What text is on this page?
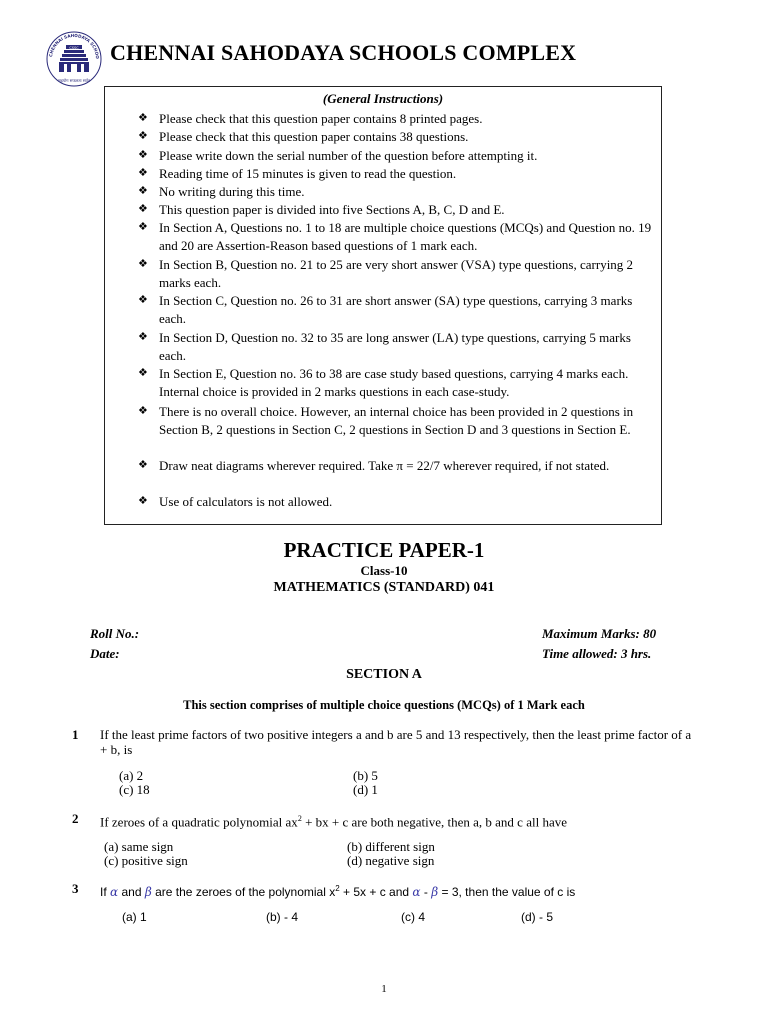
CHENNAI SAHODAYA SCHOO
CSSC
सहयोग सफलता सर्वत्र
CHENNAI SAHODAYA SCHOOLS COMPLEX
(General Instructions)
❖ Please check that this question paper contains 8 printed pages.
❖ Please check that this question paper contains 38 questions.
❖ Please write down the serial number of the question before attempting it.
❖ Reading time of 15 minutes is given to read the question.
❖ No writing during this time.
❖ This question paper is divided into five Sections A, B, C, D and E.
❖ In Section A, Questions no. 1 to 18 are multiple choice questions (MCQs) and Question no. 19 and 20 are Assertion-Reason based questions of 1 mark each.
❖ In Section B, Question no. 21 to 25 are very short answer (VSA) type questions, carrying 2 marks each.
❖ In Section C, Question no. 26 to 31 are short answer (SA) type questions, carrying 3 marks each.
❖ In Section D, Question no. 32 to 35 are long answer (LA) type questions, carrying 5 marks each.
❖ In Section E, Question no. 36 to 38 are case study based questions, carrying 4 marks each. Internal choice is provided in 2 marks questions in each case-study.
❖ There is no overall choice. However, an internal choice has been provided in 2 questions in Section B, 2 questions in Section C, 2 questions in Section D and 3 questions in Section E.
❖ Draw neat diagrams wherever required. Take π = 22/7 wherever required, if not stated.
❖ Use of calculators is not allowed.
PRACTICE PAPER-1
Class-10
MATHEMATICS (STANDARD) 041
Roll No.:
Date:
Maximum Marks: 80
Time allowed: 3 hrs.
SECTION A
This section comprises of multiple choice questions (MCQs) of 1 Mark each
1 If the least prime factors of two positive integers a and b are 5 and 13 respectively, then the least prime factor of a + b, is
(a) 2	(b) 5
(c) 18	(d) 1
2 If zeroes of a quadratic polynomial $ax^2$ + bx + c are both negative, then a, b and c all have
(a) same sign	(b) different sign
(c) positive sign	(d) negative sign
3 If α and β are the zeroes of the polynomial $x^2 + 5x + c$ and α - β = 3, then the value of c is
(a) 1	(b) - 4	(c) 4	(d) - 5
1
